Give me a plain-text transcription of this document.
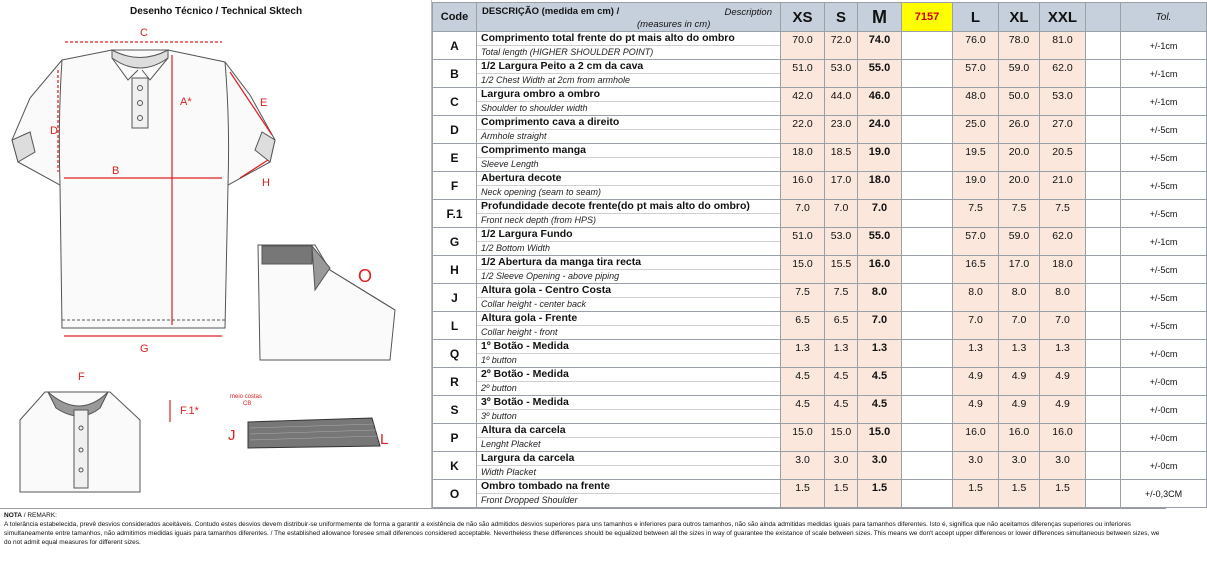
Desenho Técnico / Technical Sktech
C
A*
B
G
D
E
H
O
F
F.1*
J	L
meio costas
CB
Code	DESCRIÇÃO (medida em cm) /
(measures in cm)
Description	XS	S	M	7157	L	XL	XXL		Tol.
A	Comprimento total frente do pt mais alto do ombro
Total length (HIGHER SHOULDER POINT)	70.0	72.0	74.0		76.0	78.0	81.0		+/-1cm
B	1/2 Largura Peito a 2 cm da cava
1/2 Chest Width at 2cm from armhole	51.0	53.0	55.0		57.0	59.0	62.0		+/-1cm
C	Largura ombro a ombro
Shoulder to shoulder width	42.0	44.0	46.0		48.0	50.0	53.0		+/-1cm
D	Comprimento cava a direito
Armhole straight	22.0	23.0	24.0		25.0	26.0	27.0		+/-5cm
E	Comprimento manga
Sleeve Length	18.0	18.5	19.0		19.5	20.0	20.5		+/-5cm
F	Abertura decote
Neck opening (seam to seam)	16.0	17.0	18.0		19.0	20.0	21.0		+/-5cm
F.1	Profundidade decote frente(do pt mais alto do ombro)
Front neck depth (from HPS)	7.0	7.0	7.0		7.5	7.5	7.5		+/-5cm
G	1/2 Largura Fundo
1/2 Bottom Width	51.0	53.0	55.0		57.0	59.0	62.0		+/-1cm
H	1/2 Abertura da manga tira recta
1/2 Sleeve Opening - above piping	15.0	15.5	16.0		16.5	17.0	18.0		+/-5cm
J	Altura gola - Centro Costa
Collar height - center back	7.5	7.5	8.0		8.0	8.0	8.0		+/-5cm
L	Altura gola - Frente
Collar height - front	6.5	6.5	7.0		7.0	7.0	7.0		+/-5cm
Q	1º Botão - Medida
1º button	1.3	1.3	1.3		1.3	1.3	1.3		+/-0cm
R	2º Botão - Medida
2º button	4.5	4.5	4.5		4.9	4.9	4.9		+/-0cm
S	3º Botão - Medida
3º button	4.5	4.5	4.5		4.9	4.9	4.9		+/-0cm
P	Altura da carcela
Lenght Placket	15.0	15.0	15.0		16.0	16.0	16.0		+/-0cm
K	Largura da carcela
Width Placket	3.0	3.0	3.0		3.0	3.0	3.0		+/-0cm
O	Ombro tombado na frente
Front Dropped Shoulder	1.5	1.5	1.5		1.5	1.5	1.5		+/-0,3CM
NOTA / REMARK:
A tolerância estabelecida, prevê desvios considerados aceitáveis. Contudo estes desvios devem distribuir-se uniformemente de forma a garantir a existência de não são admitidos desvios superiores para uns tamanhos e inferiores para outros tamanhos, não são ainda admitidas medidas iguais para tamanhos diferentes. Isto é, significa que não aceitamos diferenças superiores ou inferiores simultaneamente entre tamanhos, não admitimos medidas iguais para tamanhos diferentes. / The established allowance foresee small diferences considered acceptable. Nevertheless these differences should be equalized between all the sizes in way of guarantee the existance of scale between sizes. This means we don't accept upper differences or lower differences simultaneous between sizes, we do not admit equal measures for different sizes.
